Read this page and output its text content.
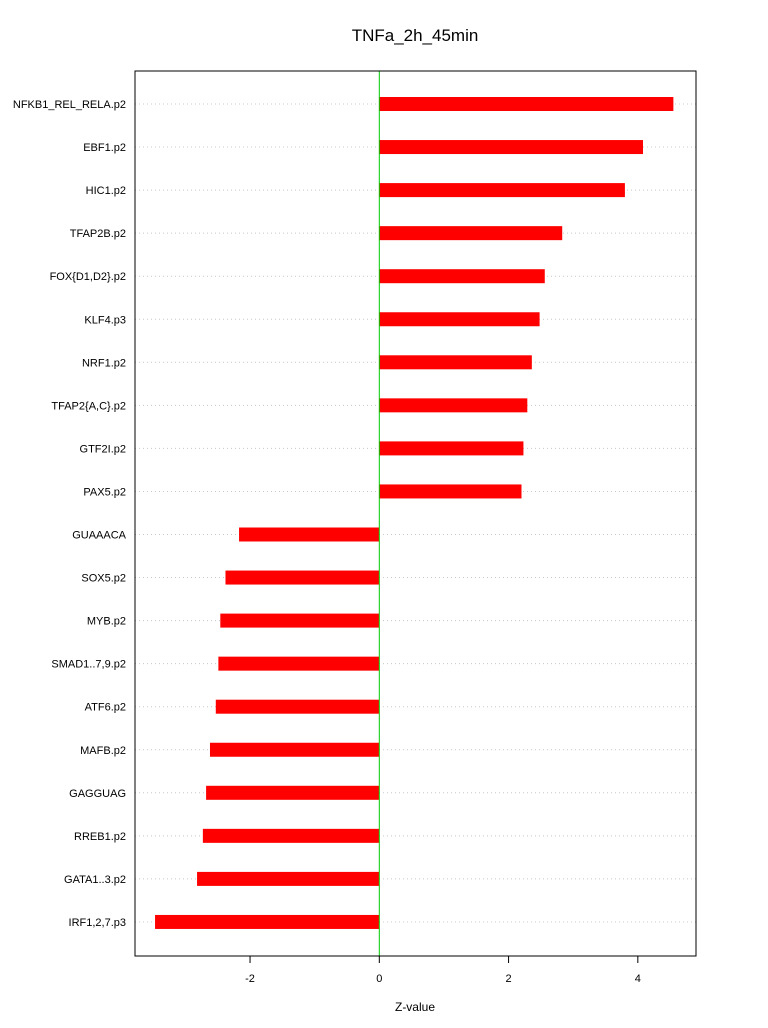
-2	0	2	4
NFKB1_REL_RELA.p2
EBF1.p2
HIC1.p2
TFAP2B.p2
FOX{D1,D2}.p2
KLF4.p3
NRF1.p2
TFAP2{A,C}.p2
GTF2I.p2
PAX5.p2
GUAAACA
SOX5.p2
MYB.p2
SMAD1..7,9.p2
ATF6.p2
MAFB.p2
GAGGUAG
RREB1.p2
GATA1..3.p2
IRF1,2,7.p3
TNFa_2h_45min
Z-value
